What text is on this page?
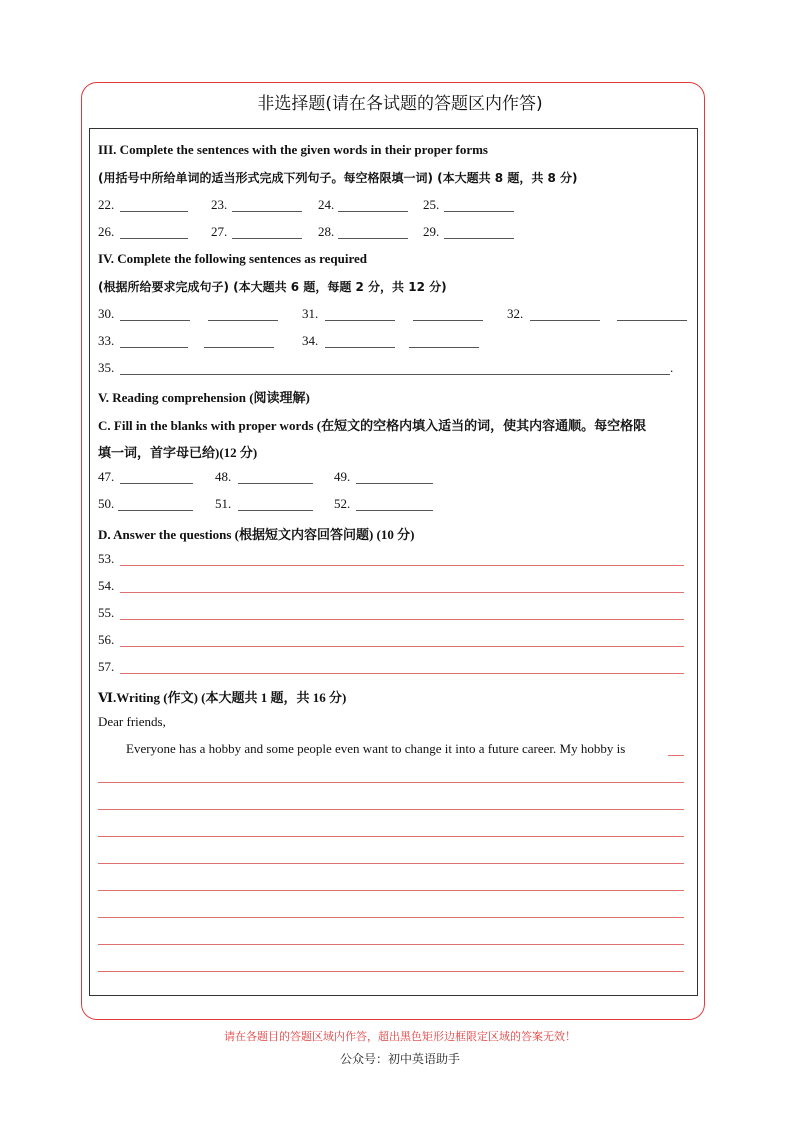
非选择题(请在各试题的答题区内作答)
III. Complete the sentences with the given words in their proper forms
(用括号中所给单词的适当形式完成下列句子。每空格限填一词) (本大题共 8 题，共 8 分)
22.	23.	24.	25.
26.	27.	28.	29.
IV. Complete the following sentences as required
(根据所给要求完成句子) (本大题共 6 题，每题 2 分，共 12 分)
30.	31.	32.
33.	34.
35.	.
V. Reading comprehension (阅读理解)
C. Fill in the blanks with proper words (在短文的空格内填入适当的词，使其内容通顺。每空格限
填一词，首字母已给)(12 分)
47.	48.	49.
50.	51.	52.
D. Answer the questions (根据短文内容回答问题) (10 分)
53.
54.
55.
56.
57.
Ⅵ.Writing (作文) (本大题共 1 题，共 16 分)
Dear friends,
Everyone has a hobby and some people even want to change it into a future career. My hobby is
请在各题目的答题区域内作答，超出黑色矩形边框限定区域的答案无效！
公众号：初中英语助手
